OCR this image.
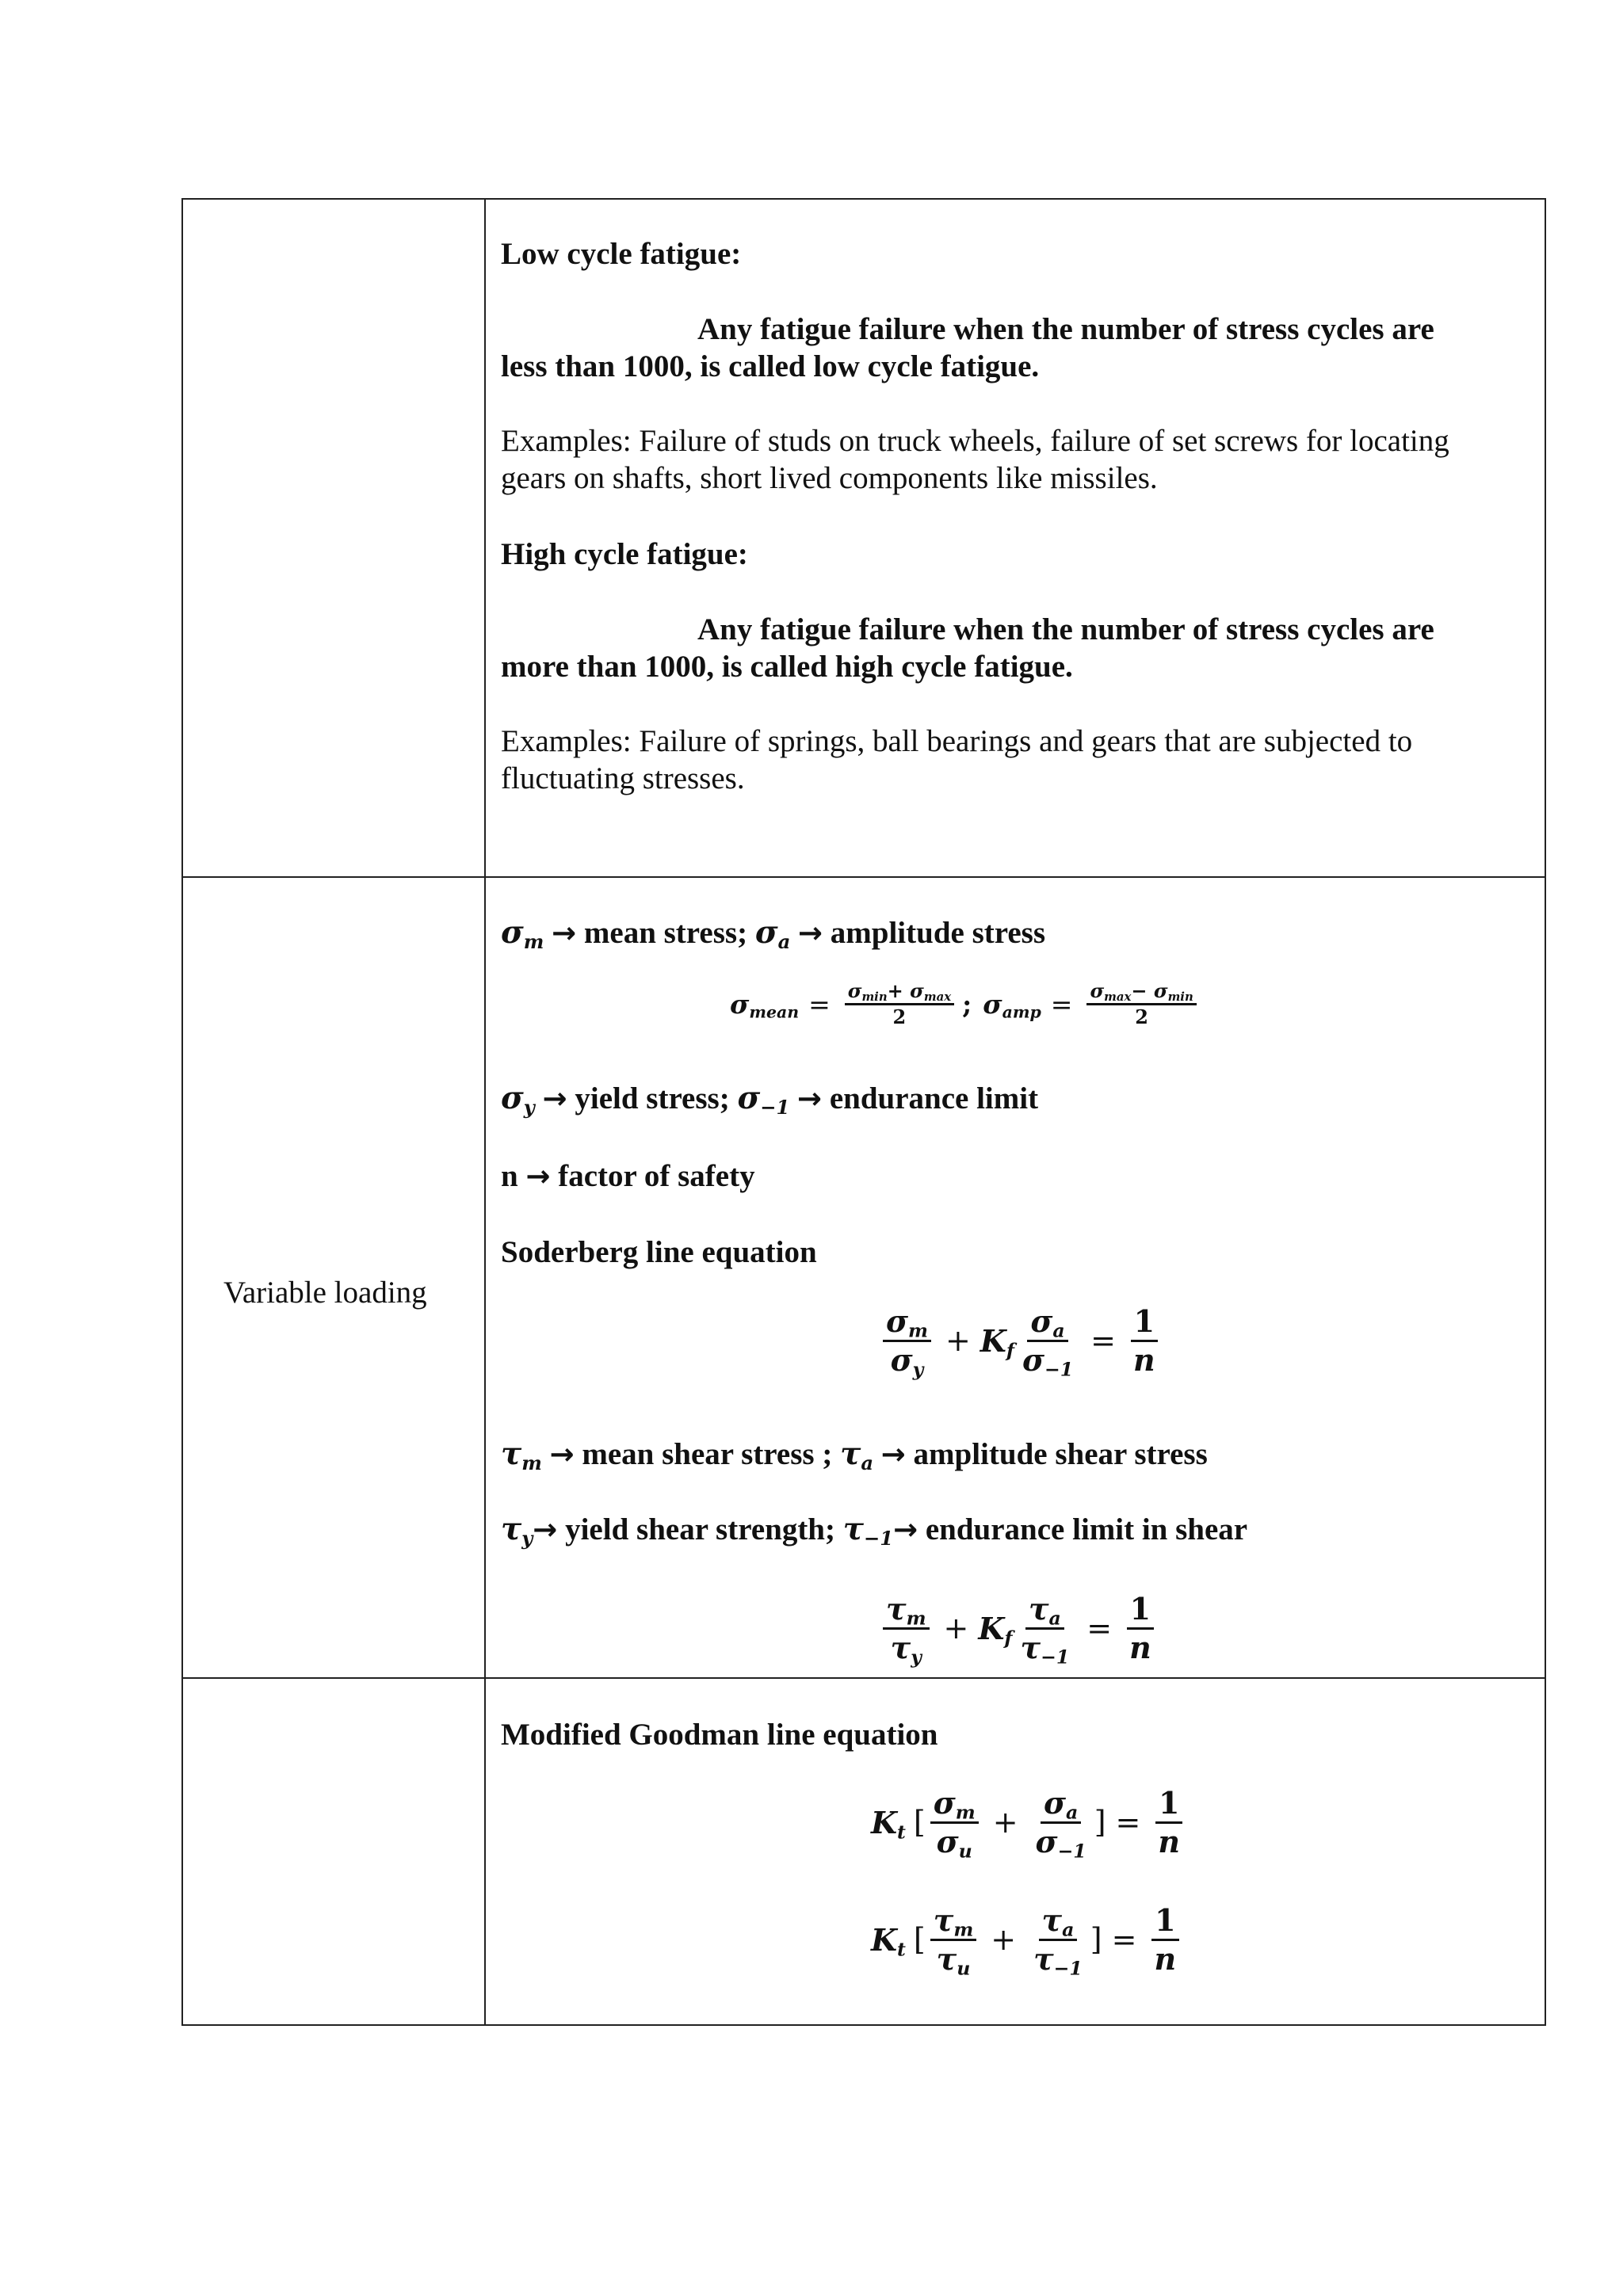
Low cycle fatigue:
Any fatigue failure when the number of stress cycles are
less than 1000, is called low cycle fatigue.
Examples: Failure of studs on truck wheels, failure of set screws for locating
gears on shafts, short lived components like missiles.
High cycle fatigue:
Any fatigue failure when the number of stress cycles are
more than 1000, is called high cycle fatigue.
Examples: Failure of springs, ball bearings and gears that are subjected to
fluctuating stresses.
Variable loading
$\sigma_m$ → mean stress; $\sigma_a$ → amplitude stress
$\sigma_{mean} = \frac{\sigma_{min}+ \sigma_{max}}{2}$ ; $\sigma_{amp} = \frac{\sigma_{max}- \sigma_{min}}{2}$
$\sigma_y$ → yield stress; $\sigma_{-1}$ → endurance limit
n → factor of safety
Soderberg line equation
$\frac{\sigma_m}{\sigma_y} + K_f \frac{\sigma_a}{\sigma_{-1}} = \frac{1}{n}$
$\tau_m$ → mean shear stress ; $\tau_a$ → amplitude shear stress
$\tau_y\to$ yield shear strength; $\tau_{-1}\to$ endurance limit in shear
$\frac{\tau_m}{\tau_y} + K_f \frac{\tau_a}{\tau_{-1}} = \frac{1}{n}$
Modified Goodman line equation
$K_t$ [ $\frac{\sigma_m}{\sigma_u} + \frac{\sigma_a}{\sigma_{-1}}$ ] = $\frac{1}{n}$
$K_t$ [ $\frac{\tau_m}{\tau_u} + \frac{\tau_a}{\tau_{-1}}$ ] = $\frac{1}{n}$
